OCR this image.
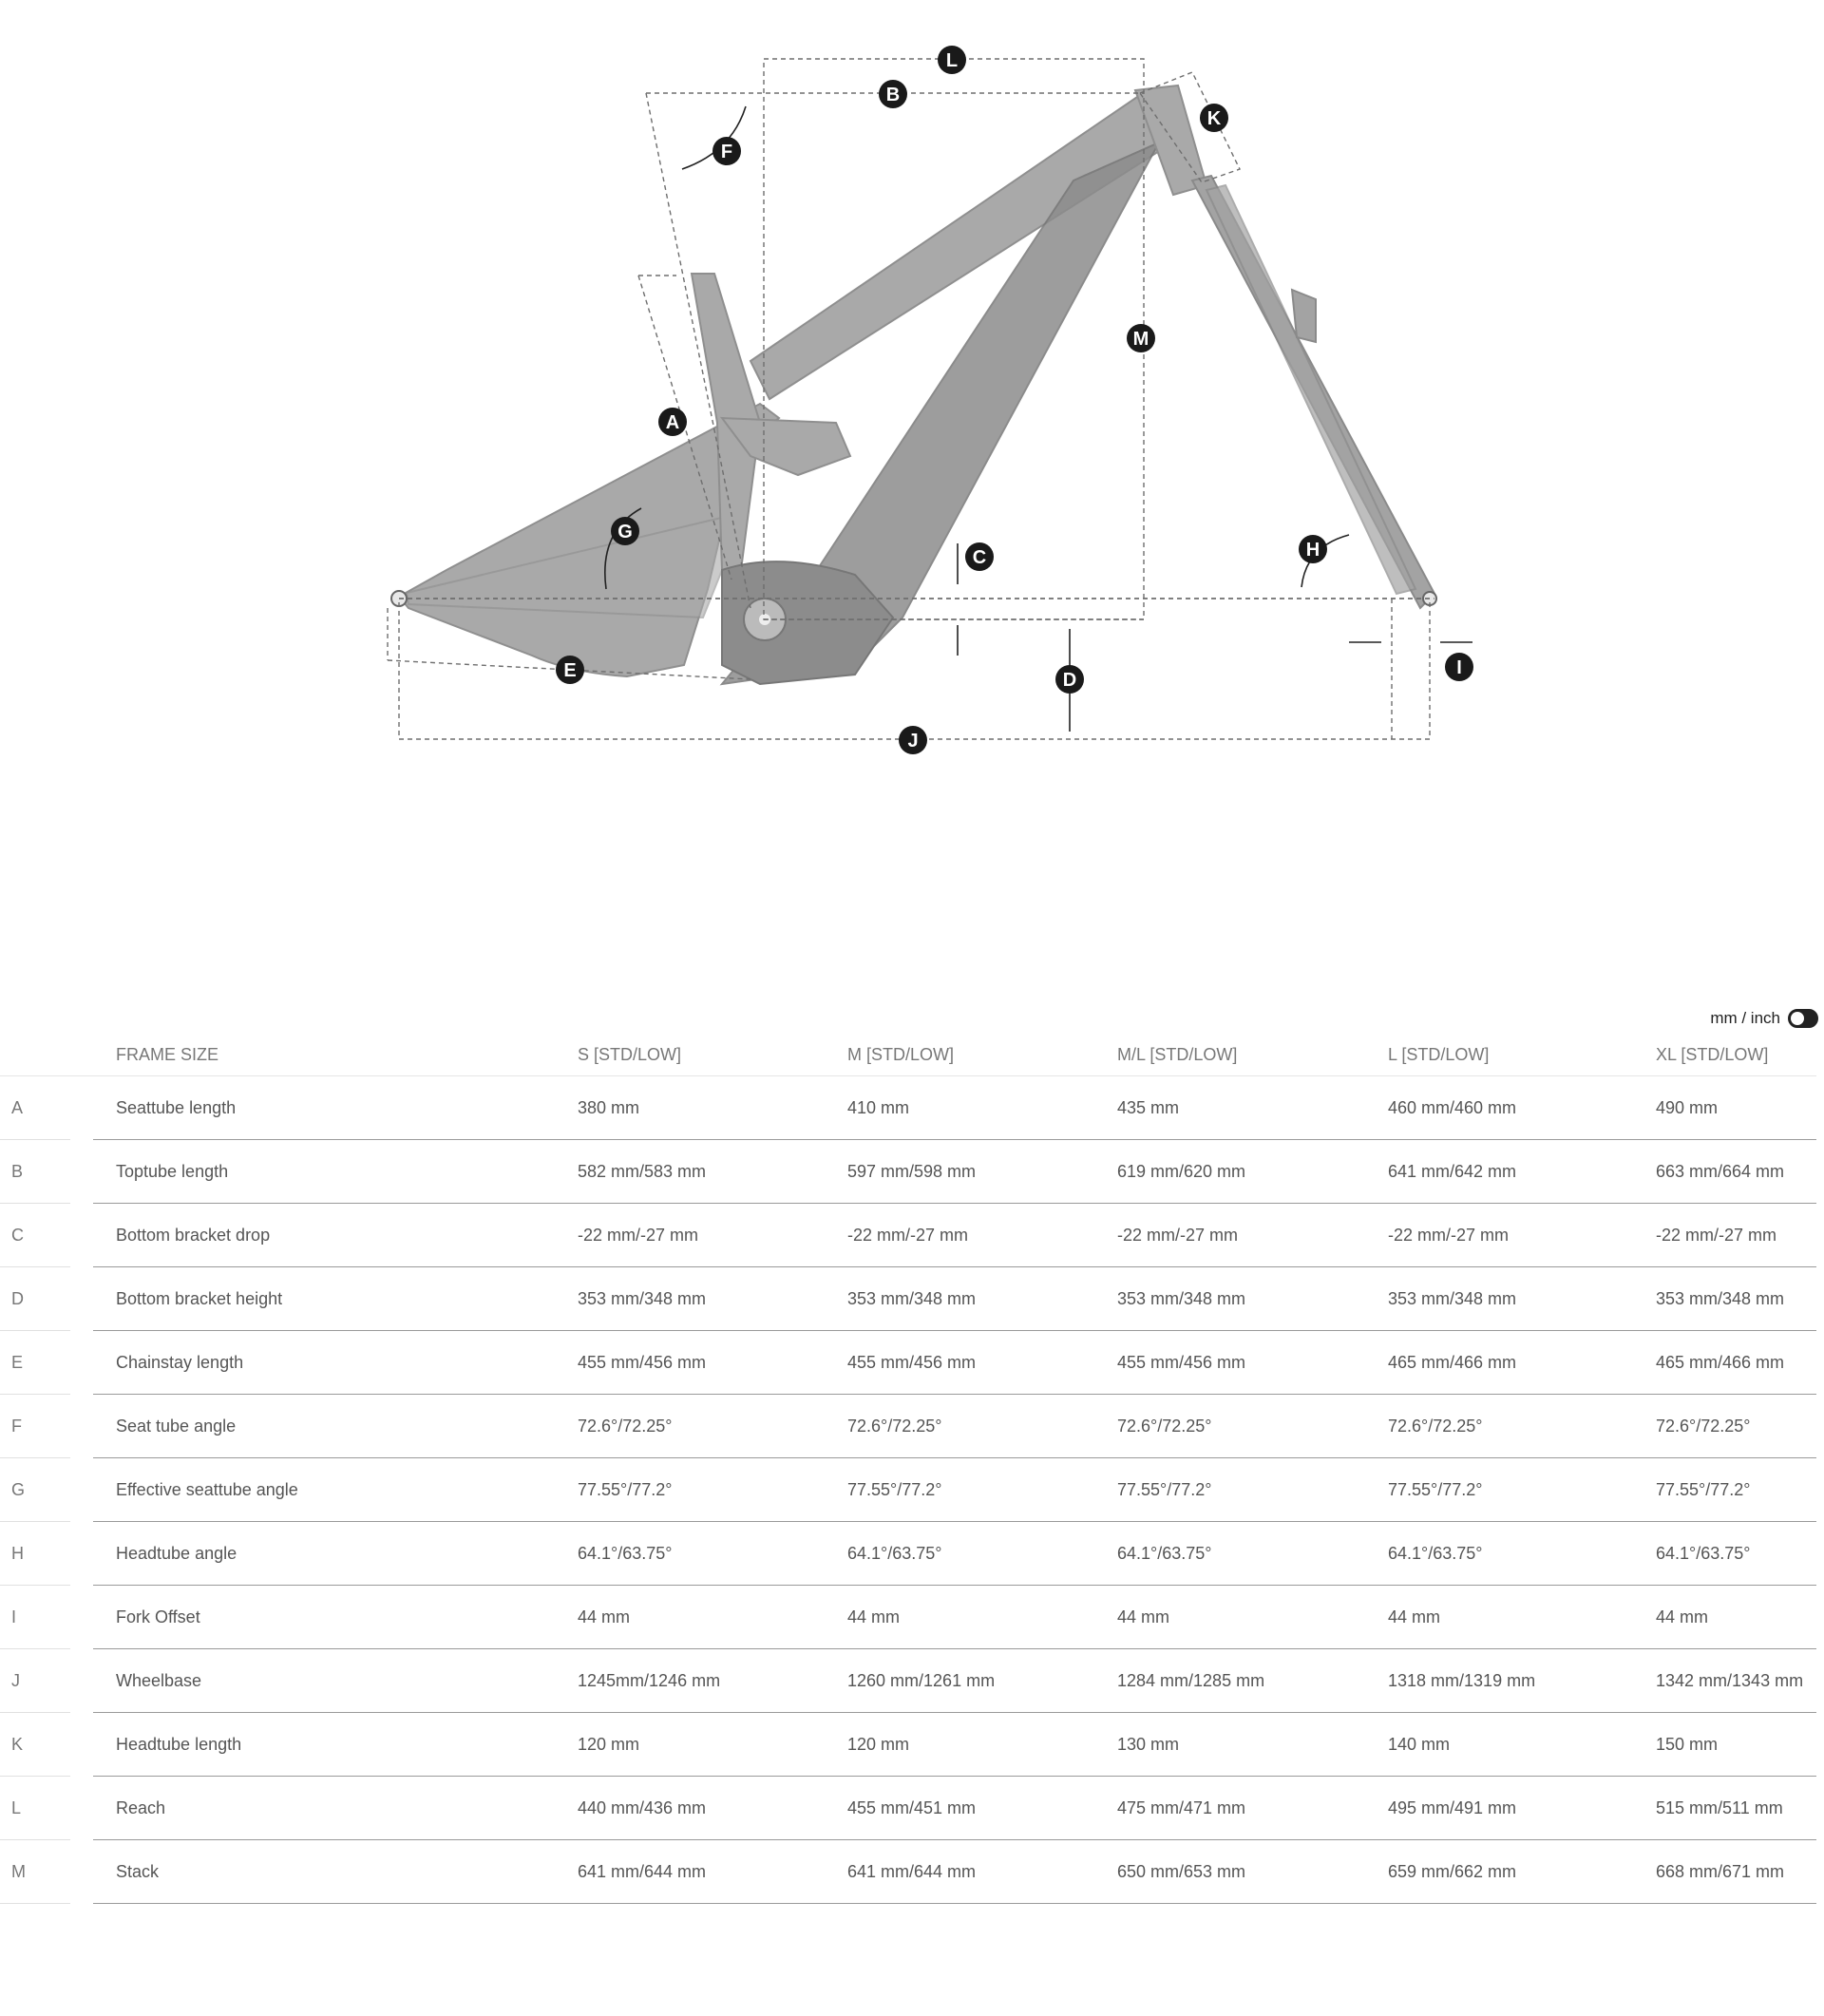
A
B
C
D
E
F
G
H
I
J
K
L
M
mm / inch
		FRAME SIZE	S [STD/LOW]	M [STD/LOW]	M/L [STD/LOW]	L [STD/LOW]	XL [STD/LOW]
A		Seattube length	380 mm	410 mm	435 mm	460 mm/460 mm	490 mm
B		Toptube length	582 mm/583 mm	597 mm/598 mm	619 mm/620 mm	641 mm/642 mm	663 mm/664 mm
C		Bottom bracket drop	-22 mm/-27 mm	-22 mm/-27 mm	-22 mm/-27 mm	-22 mm/-27 mm	-22 mm/-27 mm
D		Bottom bracket height	353 mm/348 mm	353 mm/348 mm	353 mm/348 mm	353 mm/348 mm	353 mm/348 mm
E		Chainstay length	455 mm/456 mm	455 mm/456 mm	455 mm/456 mm	465 mm/466 mm	465 mm/466 mm
F		Seat tube angle	72.6°/72.25°	72.6°/72.25°	72.6°/72.25°	72.6°/72.25°	72.6°/72.25°
G		Effective seattube angle	77.55°/77.2°	77.55°/77.2°	77.55°/77.2°	77.55°/77.2°	77.55°/77.2°
H		Headtube angle	64.1°/63.75°	64.1°/63.75°	64.1°/63.75°	64.1°/63.75°	64.1°/63.75°
I		Fork Offset	44 mm	44 mm	44 mm	44 mm	44 mm
J		Wheelbase	1245mm/1246 mm	1260 mm/1261 mm	1284 mm/1285 mm	1318 mm/1319 mm	1342 mm/1343 mm
K		Headtube length	120 mm	120 mm	130 mm	140 mm	150 mm
L		Reach	440 mm/436 mm	455 mm/451 mm	475 mm/471 mm	495 mm/491 mm	515 mm/511 mm
M		Stack	641 mm/644 mm	641 mm/644 mm	650 mm/653 mm	659 mm/662 mm	668 mm/671 mm
